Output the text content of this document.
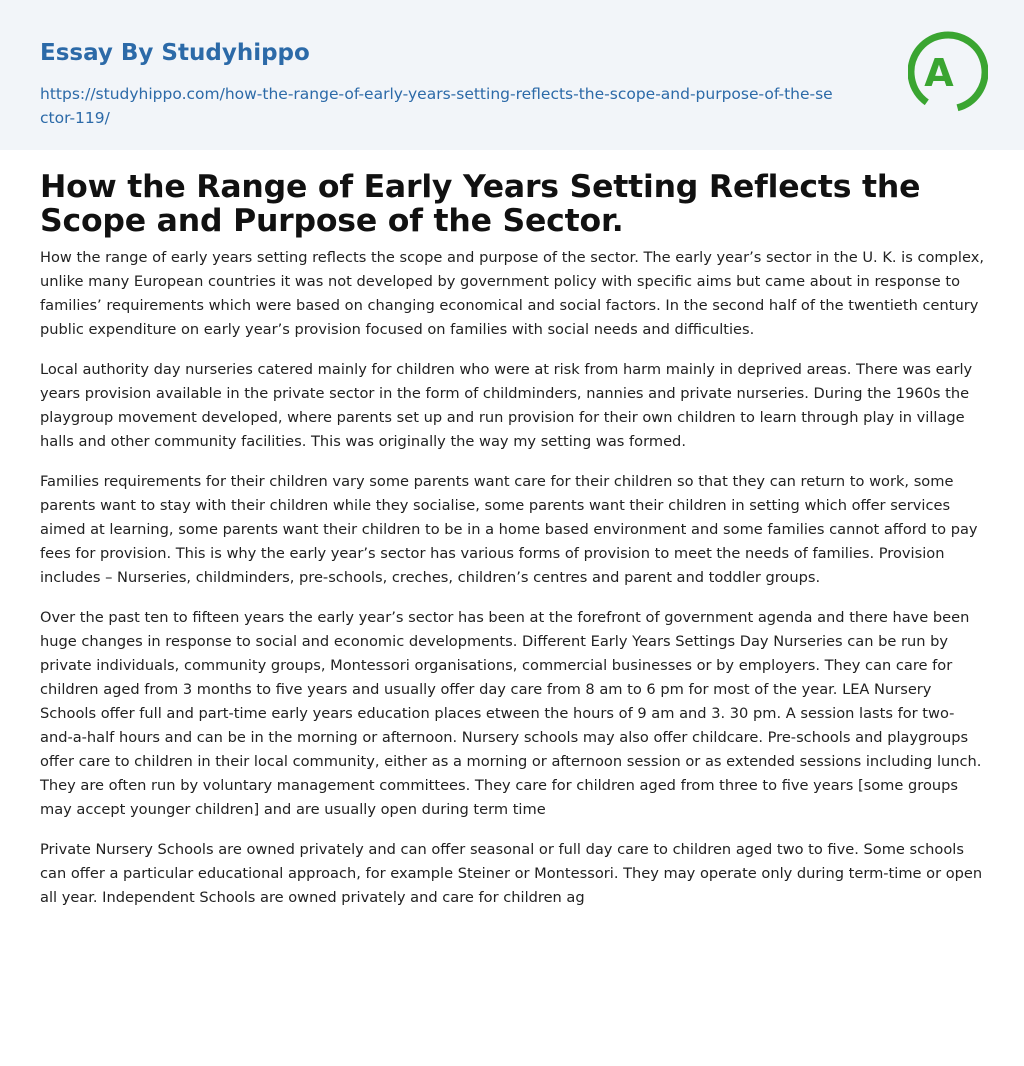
Essay By Studyhippo
https://studyhippo.com/how-the-range-of-early-years-setting-reflects-the-scope-and-purpose-of-the-sector-119/
A
How the Range of Early Years Setting Reflects the Scope and Purpose of the Sector.

How the range of early years setting reflects the scope and purpose of the sector. The early year’s sector in the U. K. is complex, unlike many European countries it was not developed by government policy with specific aims but came about in response to families’ requirements which were based on changing economical and social factors. In the second half of the twentieth century public expenditure on early year’s provision focused on families with social needs and difficulties.

Local authority day nurseries catered mainly for children who were at risk from harm mainly in deprived areas. There was early years provision available in the private sector in the form of childminders, nannies and private nurseries. During the 1960s the playgroup movement developed, where parents set up and run provision for their own children to learn through play in village halls and other community facilities. This was originally the way my setting was formed.

Families requirements for their children vary some parents want care for their children so that they can return to work, some parents want to stay with their children while they socialise, some parents want their children in setting which offer services aimed at learning, some parents want their children to be in a home based environment and some families cannot afford to pay fees for provision. This is why the early year’s sector has various forms of provision to meet the needs of families. Provision includes – Nurseries, childminders, pre-schools, creches, children’s centres and parent and toddler groups.

Over the past ten to fifteen years the early year’s sector has been at the forefront of government agenda and there have been huge changes in response to social and economic developments. Different Early Years Settings Day Nurseries can be run by private individuals, community groups, Montessori organisations, commercial businesses or by employers. They can care for children aged from 3 months to five years and usually offer day care from 8 am to 6 pm for most of the year. LEA Nursery Schools offer full and part-time early years education places etween the hours of 9 am and 3. 30 pm. A session lasts for two-and-a-half hours and can be in the morning or afternoon. Nursery schools may also offer childcare. Pre-schools and playgroups offer care to children in their local community, either as a morning or afternoon session or as extended sessions including lunch. They are often run by voluntary management committees. They care for children aged from three to five years [some groups may accept younger children] and are usually open during term time

Private Nursery Schools are owned privately and can offer seasonal or full day care to children aged two to five. Some schools can offer a particular educational approach, for example Steiner or Montessori. They may operate only during term-time or open all year. Independent Schools are owned privately and care for children ag
